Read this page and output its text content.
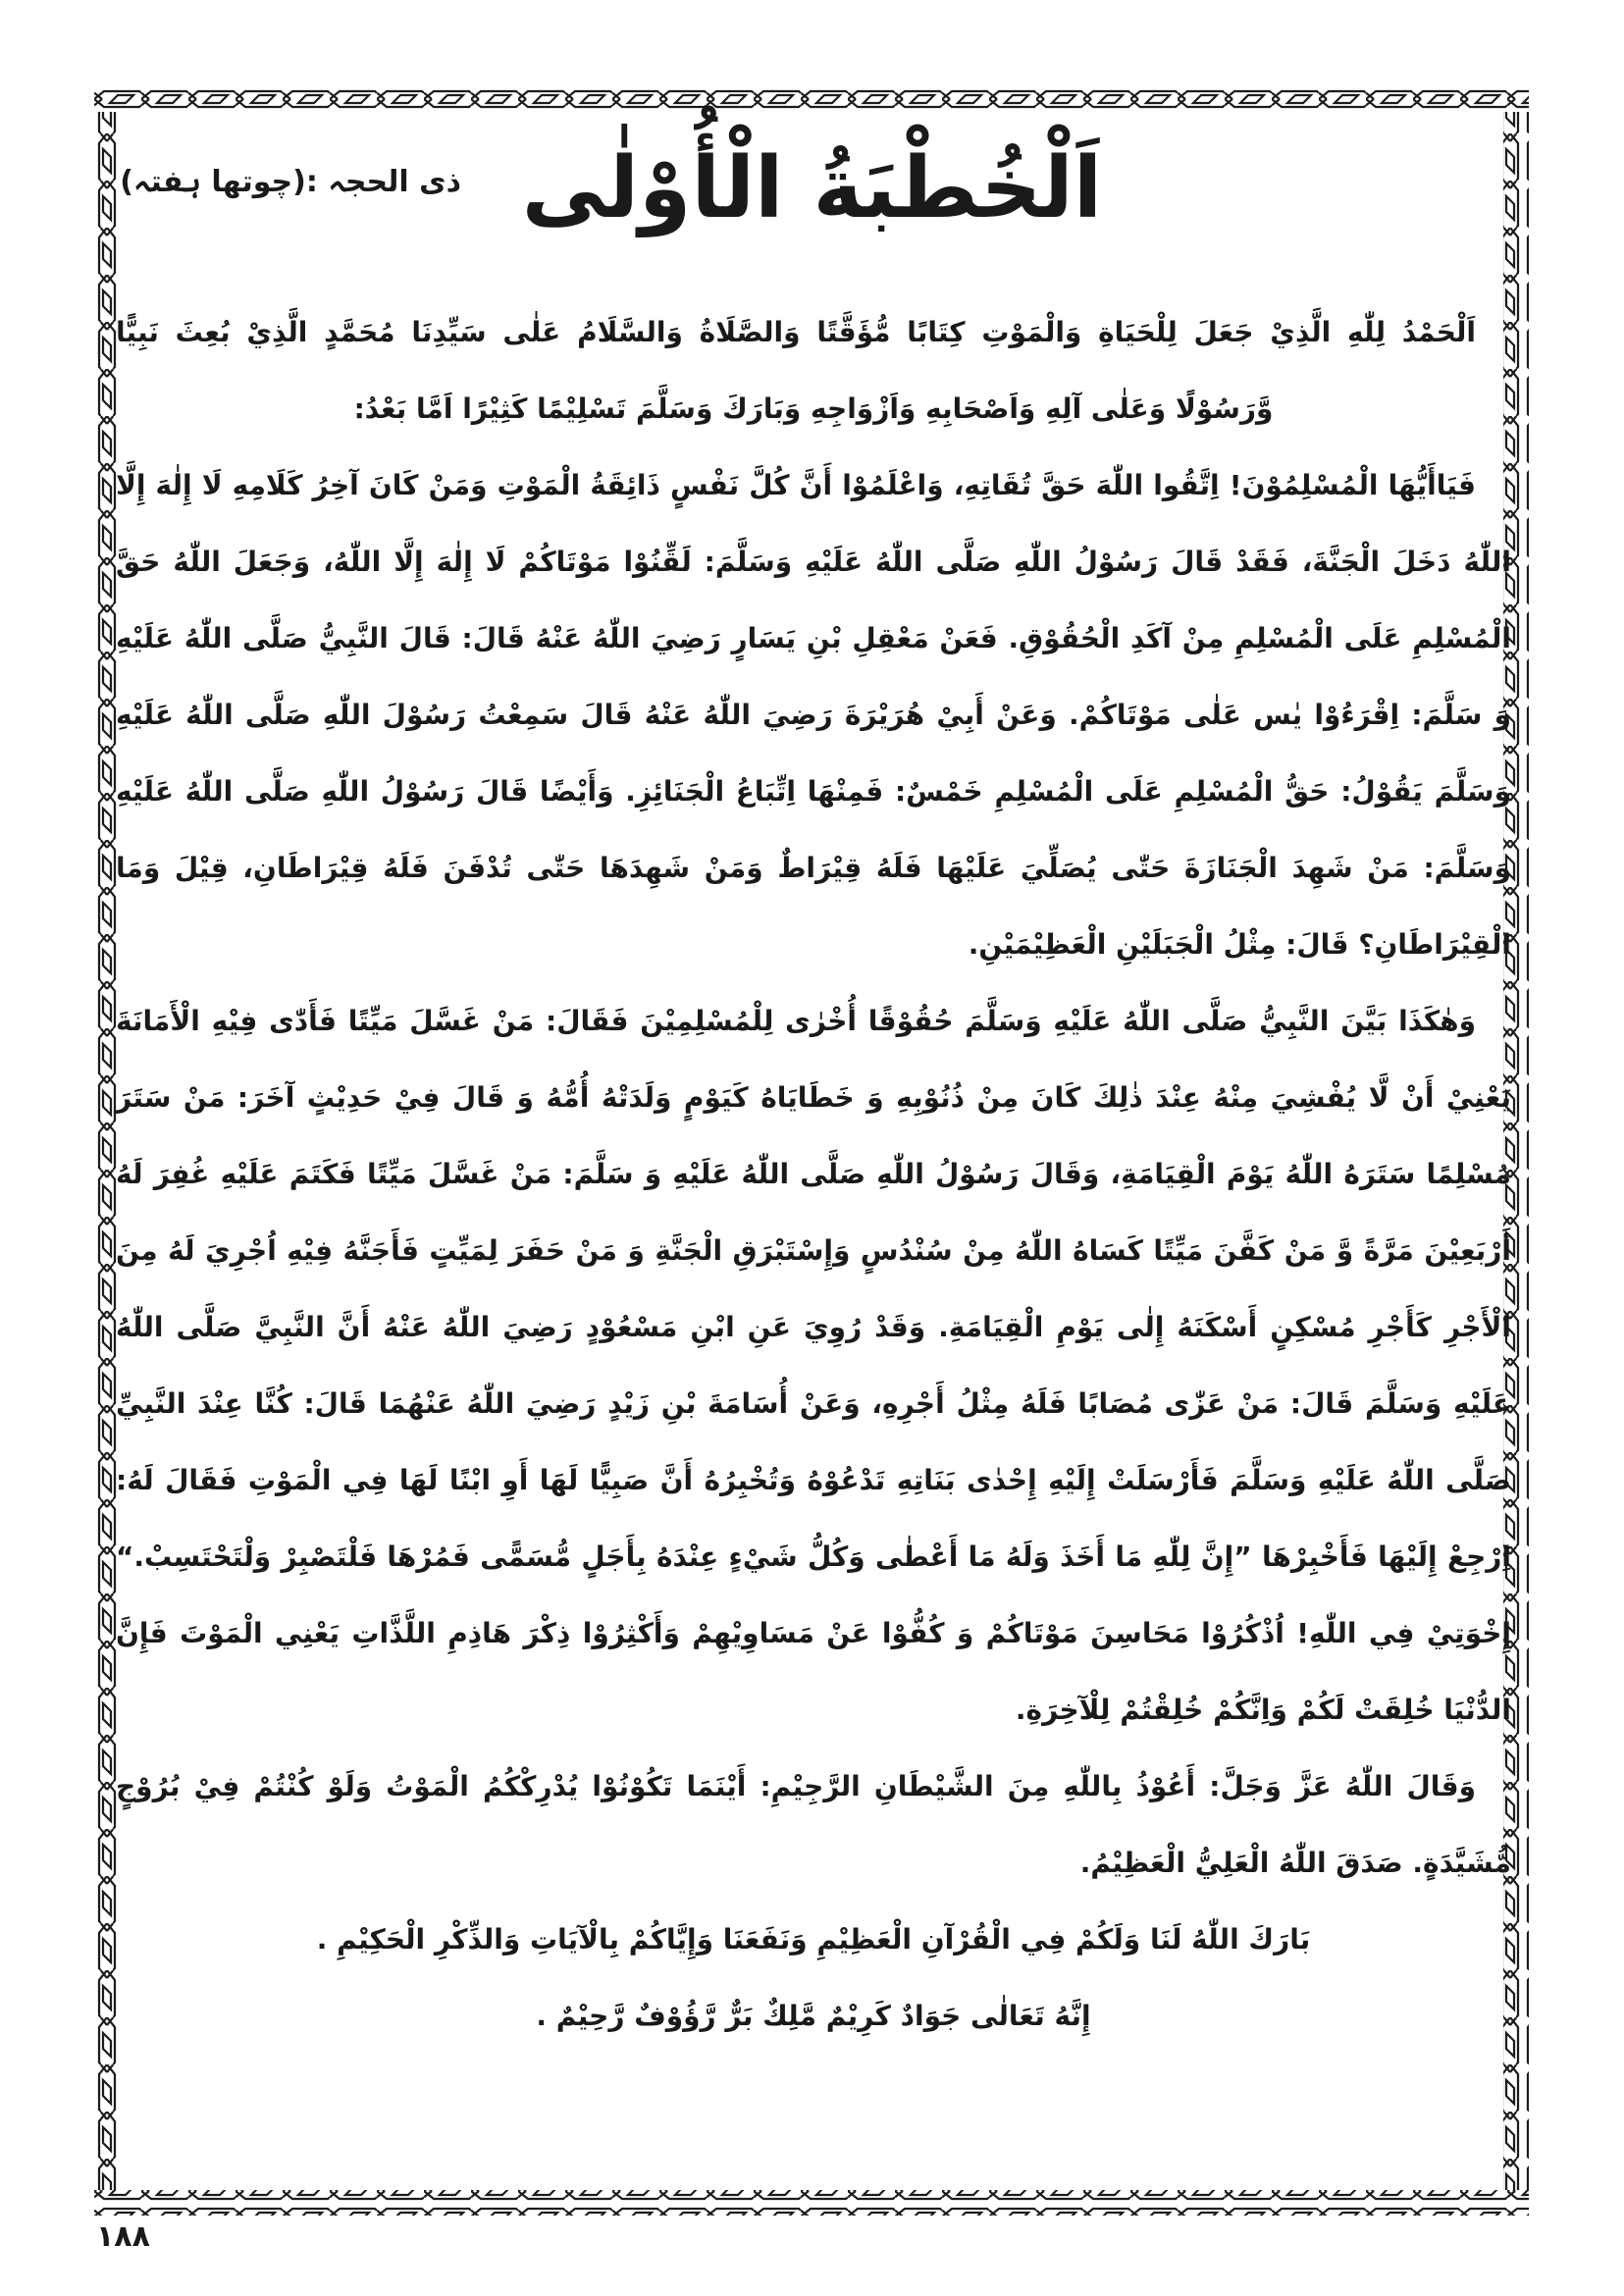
ذی الحجہ :(چوتھا ہفتہ) اَلْخُطْبَةُ الْأُوْلٰى

اَلْحَمْدُ لِلّٰهِ الَّذِيْ جَعَلَ لِلْحَيَاةِ وَالْمَوْتِ كِتَابًا مُّؤَقَّتًا وَالصَّلَاةُ وَالسَّلَامُ عَلٰى سَيِّدِنَا مُحَمَّدٍ الَّذِيْ بُعِثَ نَبِيًّا وَّرَسُوْلًا وَعَلٰى آلِهِ وَاَصْحَابِهِ وَاَزْوَاجِهِ وَبَارَكَ وَسَلَّمَ تَسْلِيْمًا كَثِيْرًا اَمَّا بَعْدُ:

فَيَاأَيُّهَا الْمُسْلِمُوْنَ! اِتَّقُوا اللّٰهَ حَقَّ تُقَاتِهِ، وَاعْلَمُوْا أَنَّ كُلَّ نَفْسٍ ذَائِقَةُ الْمَوْتِ وَمَنْ كَانَ آخِرُ كَلَامِهِ لَا إِلٰهَ إِلَّا اللّٰهُ دَخَلَ الْجَنَّةَ، فَقَدْ قَالَ رَسُوْلُ اللّٰهِ صَلَّى اللّٰهُ عَلَيْهِ وَسَلَّمَ: لَقِّنُوْا مَوْتَاكُمْ لَا إِلٰهَ إِلَّا اللّٰهُ، وَجَعَلَ اللّٰهُ حَقَّ الْمُسْلِمِ عَلَى الْمُسْلِمِ مِنْ آكَدِ الْحُقُوْقِ. فَعَنْ مَعْقِلِ بْنِ يَسَارٍ رَضِيَ اللّٰهُ عَنْهُ قَالَ: قَالَ النَّبِيُّ صَلَّى اللّٰهُ عَلَيْهِ وَ سَلَّمَ: اِقْرَءُوْا يٰس عَلٰى مَوْتَاكُمْ. وَعَنْ أَبِيْ هُرَيْرَةَ رَضِيَ اللّٰهُ عَنْهُ قَالَ سَمِعْتُ رَسُوْلَ اللّٰهِ صَلَّى اللّٰهُ عَلَيْهِ وَسَلَّمَ يَقُوْلُ: حَقُّ الْمُسْلِمِ عَلَى الْمُسْلِمِ خَمْسٌ: فَمِنْهَا اِتِّبَاعُ الْجَنَائِزِ. وَأَيْضًا قَالَ رَسُوْلُ اللّٰهِ صَلَّى اللّٰهُ عَلَيْهِ وَسَلَّمَ: مَنْ شَهِدَ الْجَنَازَةَ حَتّٰى يُصَلِّيَ عَلَيْهَا فَلَهُ قِيْرَاطٌ وَمَنْ شَهِدَهَا حَتّٰى تُدْفَنَ فَلَهُ قِيْرَاطَانِ، قِيْلَ وَمَا الْقِيْرَاطَانِ؟ قَالَ: مِثْلُ الْجَبَلَيْنِ الْعَظِيْمَيْنِ.

وَهٰكَذَا بَيَّنَ النَّبِيُّ صَلَّى اللّٰهُ عَلَيْهِ وَسَلَّمَ حُقُوْقًا أُخْرٰى لِلْمُسْلِمِيْنَ فَقَالَ: مَنْ غَسَّلَ مَيِّتًا فَأَدّٰى فِيْهِ الْأَمَانَةَ يَعْنِيْ أَنْ لَّا يُفْشِيَ مِنْهُ عِنْدَ ذٰلِكَ كَانَ مِنْ ذُنُوْبِهِ وَ خَطَايَاهُ كَيَوْمٍ وَلَدَتْهُ أُمُّهُ وَ قَالَ فِيْ حَدِيْثٍ آخَرَ: مَنْ سَتَرَ مُسْلِمًا سَتَرَهُ اللّٰهُ يَوْمَ الْقِيَامَةِ، وَقَالَ رَسُوْلُ اللّٰهِ صَلَّى اللّٰهُ عَلَيْهِ وَ سَلَّمَ: مَنْ غَسَّلَ مَيِّتًا فَكَتَمَ عَلَيْهِ غُفِرَ لَهُ أَرْبَعِيْنَ مَرَّةً وَّ مَنْ كَفَّنَ مَيِّتًا كَسَاهُ اللّٰهُ مِنْ سُنْدُسٍ وَإِسْتَبْرَقِ الْجَنَّةِ وَ مَنْ حَفَرَ لِمَيِّتٍ فَأَجَنَّهُ فِيْهِ اُجْرِيَ لَهُ مِنَ الْأَجْرِ كَأَجْرِ مُسْكِنٍ أَسْكَنَهُ إِلٰى يَوْمِ الْقِيَامَةِ. وَقَدْ رُوِيَ عَنِ ابْنِ مَسْعُوْدٍ رَضِيَ اللّٰهُ عَنْهُ أَنَّ النَّبِيَّ صَلَّى اللّٰهُ عَلَيْهِ وَسَلَّمَ قَالَ: مَنْ عَزّٰى مُصَابًا فَلَهُ مِثْلُ أَجْرِهِ، وَعَنْ أُسَامَةَ بْنِ زَيْدٍ رَضِيَ اللّٰهُ عَنْهُمَا قَالَ: كُنَّا عِنْدَ النَّبِيِّ صَلَّى اللّٰهُ عَلَيْهِ وَسَلَّمَ فَأَرْسَلَتْ إِلَيْهِ إِحْدٰى بَنَاتِهِ تَدْعُوْهُ وَتُخْبِرُهُ أَنَّ صَبِيًّا لَهَا أَوِ ابْنًا لَهَا فِي الْمَوْتِ فَقَالَ لَهُ: اِرْجِعْ إِلَيْهَا فَأَخْبِرْهَا ”إِنَّ لِلّٰهِ مَا أَخَذَ وَلَهُ مَا أَعْطٰى وَكُلُّ شَيْءٍ عِنْدَهُ بِأَجَلٍ مُّسَمًّى فَمُرْهَا فَلْتَصْبِرْ وَلْتَحْتَسِبْ.“ إِخْوَتِيْ فِي اللّٰهِ! اُذْكُرُوْا مَحَاسِنَ مَوْتَاكُمْ وَ كُفُّوْا عَنْ مَسَاوِيْهِمْ وَأَكْثِرُوْا ذِكْرَ هَاذِمِ اللَّذَّاتِ يَعْنِي الْمَوْتَ فَإِنَّ الدُّنْيَا خُلِقَتْ لَكُمْ وَاِنَّكُمْ خُلِقْتُمْ لِلْآخِرَةِ.

وَقَالَ اللّٰهُ عَزَّ وَجَلَّ: أَعُوْذُ بِاللّٰهِ مِنَ الشَّيْطَانِ الرَّجِيْمِ: أَيْنَمَا تَكُوْنُوْا يُدْرِكْكُمُ الْمَوْتُ وَلَوْ كُنْتُمْ فِيْ بُرُوْجٍ مُّشَيَّدَةٍ. صَدَقَ اللّٰهُ الْعَلِيُّ الْعَظِيْمُ.

بَارَكَ اللّٰهُ لَنَا وَلَكُمْ فِي الْقُرْآنِ الْعَظِيْمِ وَنَفَعَنَا وَإِيَّاكُمْ بِالْآيَاتِ وَالذِّكْرِ الْحَكِيْمِ .

إِنَّهُ تَعَالٰى جَوَادٌ كَرِيْمٌ مَّلِكٌ بَرٌّ رَّؤُوْفٌ رَّحِيْمٌ .

١٨٨
